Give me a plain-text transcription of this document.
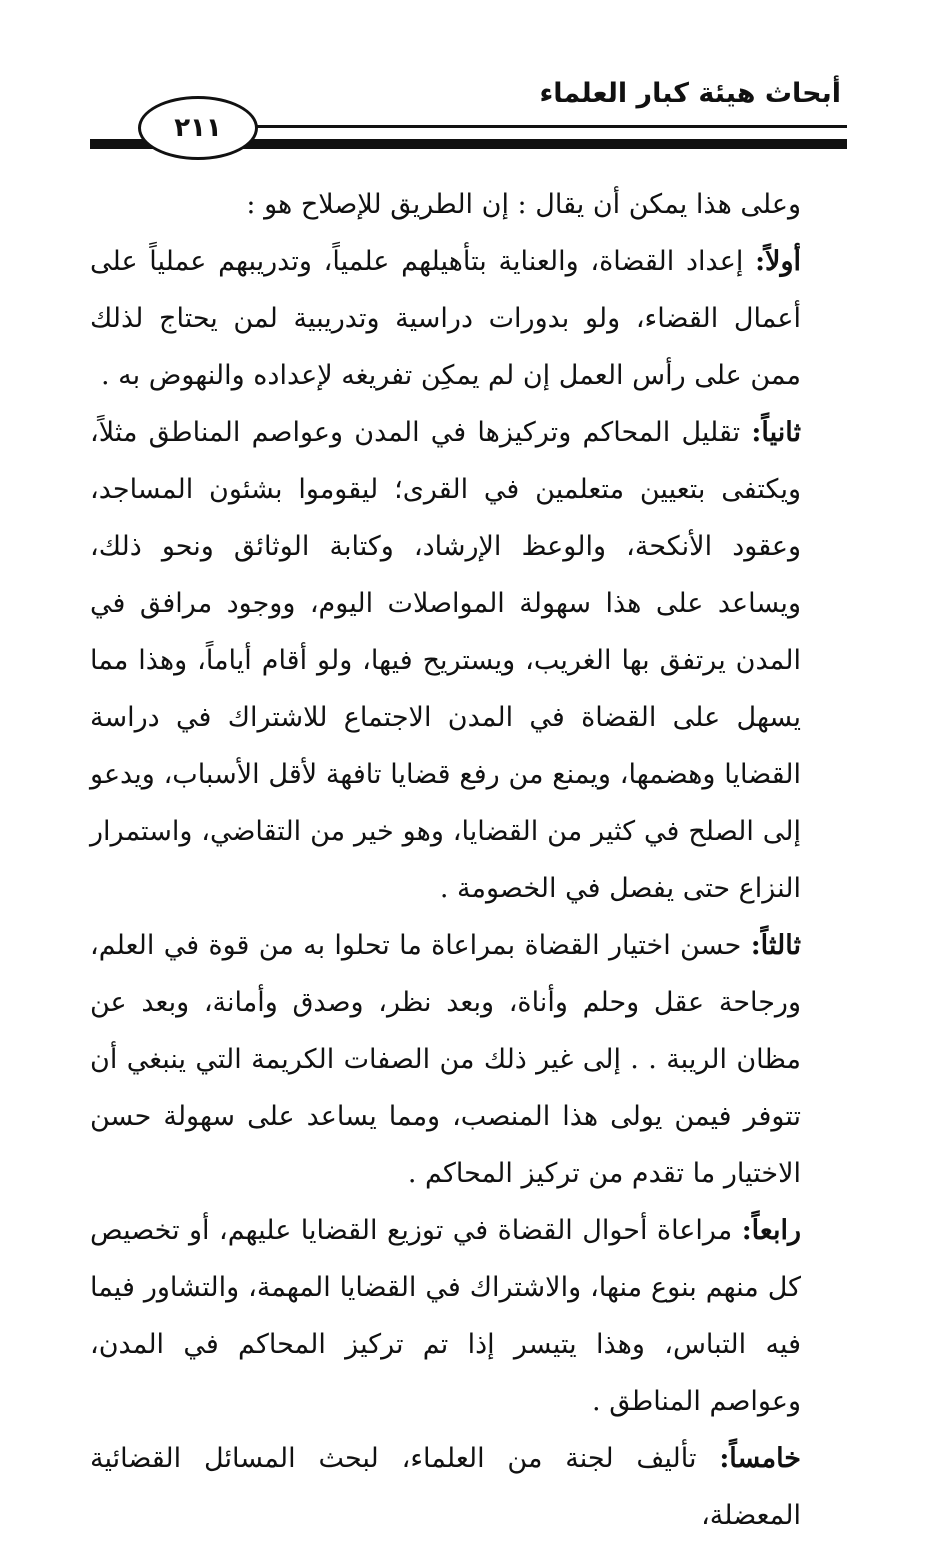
أبحاث هيئة كبار العلماء
٢١١

وعلى هذا يمكن أن يقال : إن الطريق للإصلاح هو :

أولاً: إعداد القضاة، والعناية بتأهيلهم علمياً، وتدريبهم عملياً على أعمال القضاء، ولو بدورات دراسية وتدريبية لمن يحتاج لذلك ممن على رأس العمل إن لم يمكِن تفريغه لإعداده والنهوض به .

ثانياً: تقليل المحاكم وتركيزها في المدن وعواصم المناطق مثلاً، ويكتفى بتعيين متعلمين في القرى؛ ليقوموا بشئون المساجد، وعقود الأنكحة، والوعظ الإرشاد، وكتابة الوثائق ونحو ذلك، ويساعد على هذا سهولة المواصلات اليوم، ووجود مرافق في المدن يرتفق بها الغريب، ويستريح فيها، ولو أقام أياماً، وهذا مما يسهل على القضاة في المدن الاجتماع للاشتراك في دراسة القضايا وهضمها، ويمنع من رفع قضايا تافهة لأقل الأسباب، ويدعو إلى الصلح في كثير من القضايا، وهو خير من التقاضي، واستمرار النزاع حتى يفصل في الخصومة .

ثالثاً: حسن اختيار القضاة بمراعاة ما تحلوا به من قوة في العلم، ورجاحة عقل وحلم وأناة، وبعد نظر، وصدق وأمانة، وبعد عن مظان الريبة . . إلى غير ذلك من الصفات الكريمة التي ينبغي أن تتوفر فيمن يولى هذا المنصب، ومما يساعد على سهولة حسن الاختيار ما تقدم من تركيز المحاكم .

رابعاً: مراعاة أحوال القضاة في توزيع القضايا عليهم، أو تخصيص كل منهم بنوع منها، والاشتراك في القضايا المهمة، والتشاور فيما فيه التباس، وهذا يتيسر إذا تم تركيز المحاكم في المدن، وعواصم المناطق .

خامساً: تأليف لجنة من العلماء، لبحث المسائل القضائية المعضلة،
